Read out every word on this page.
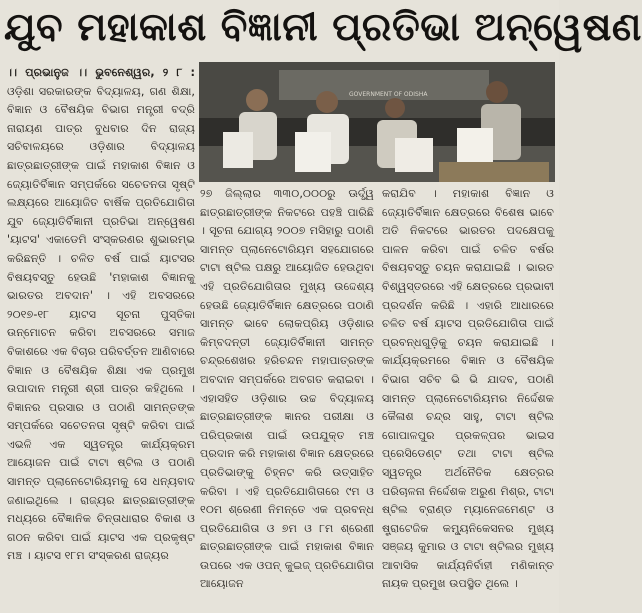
ଯୁବ ମହାକାଶ ବିଜ୍ଞାନୀ ପ୍ରତିଭା ଅନ୍ୱେଷଣ

।। ପ୍ରଭାନୁଜ ।। ଭୁବନେଶ୍ୱର, ୨ ୮ : ଓଡ଼ିଶା ସରକାରଙ୍କ ବିଦ୍ୟାଳୟ, ଗଣ ଶିକ୍ଷା, ବିଜ୍ଞାନ ଓ ବୈଷୟିକ ବିଭାଗ ମନ୍ତ୍ରୀ ବଦ୍ରି ନାରାୟଣ ପାତ୍ର ବୁଧବାର ଦିନ ରାଜ୍ୟ ସଚିବାଳୟରେ ଓଡ଼ିଶାର ବିଦ୍ୟାଳୟ ଛାତ୍ରଛାତ୍ରୀଙ୍କ ପାଇଁ ମହାକାଶ ବିଜ୍ଞାନ ଓ ଜ୍ୟୋତିର୍ବିଜ୍ଞାନ ସମ୍ପର୍କରେ ସଚେତନତା ସୃଷ୍ଟି ଲକ୍ଷ୍ୟରେ ଆୟୋଜିତ ବାର୍ଷିକ ପ୍ରତିଯୋଗିତା ଯୁବ ଜ୍ୟୋତିର୍ବିଜ୍ଞାନୀ ପ୍ରତିଭା ଅନ୍ୱେଷଣ 'ୟାଟସ' ଏକାଡେମି ସଂସ୍କରଣର ଶୁଭାରମ୍ଭ କରିଛନ୍ତି । ଚଳିତ ବର୍ଷ ପାଇଁ ୟାଟସର ବିଷୟବସ୍ତୁ ହେଉଛି 'ମହାକାଶ ବିଜ୍ଞାନକୁ ଭାରତର ଅବଦାନ' । ଏହି ଅବସରରେ ୨୦୧୭-୧୮ ୟାଟସ ସୂଚନା ପୁସ୍ତିକା ଉନ୍ମୋଚନ କରିବା ଅବସରରେ ସମାଜ ବିକାଶରେ ଏକ ବିଚାର ପରିବର୍ତ୍ତନ ଆଣିବାରେ ବିଜ୍ଞାନ ଓ ବୈଷୟିକ ଶିକ୍ଷା ଏକ ପ୍ରମୁଖ ଉପାଦାନ ମନ୍ତ୍ରୀ ଶ୍ରୀ ପାତ୍ର କହିଥିଲେ । ବିଜ୍ଞାନର ପ୍ରସାର ଓ ପଠାଣି ସାମନ୍ତଙ୍କ ସମ୍ପର୍କରେ ସଚେତନତା ସୃଷ୍ଟି କରିବା ପାଇଁ ଏଭଳି ଏକ ସ୍ୱତନ୍ତ୍ର କାର୍ଯ୍ୟକ୍ରମ ଆୟୋଜନ ପାଇଁ ଟାଟା ଷ୍ଟିଲ ଓ ପଠାଣି ସାମନ୍ତ ପ୍ଲାନେଟୋରିୟମକୁ ସେ ଧନ୍ୟବାଦ ଜଣାଇଥିଲେ । ରାଜ୍ୟର ଛାତ୍ରଛାତ୍ରୀଙ୍କ ମଧ୍ୟରେ ବୈଜ୍ଞାନିକ ଚିନ୍ତାଧାରାର ବିକାଶ ଓ ଗଠନ କରିବା ପାଇଁ ୟାଟସ ଏକ ପ୍ରକୃଷ୍ଟ ମଞ୍ଚ । ୟାଟସ ୧୮ମ ସଂସ୍କରଣ ରାଜ୍ୟର

GOVERNMENT OF ODISHA

୨୭ ଜିଲ୍ଲାର ୩୩୦,୦୦୦ରୁ ଊର୍ଦ୍ଧ୍ୱ ଛାତ୍ରଛାତ୍ରୀଙ୍କ ନିକଟରେ ପହଞ୍ଚି ପାରିଛି । ସୂଚନା ଯୋଗ୍ୟ ୨୦୦୭ ମସିହାରୁ ପଠାଣି ସାମନ୍ତ ପ୍ଲାନେଟୋରିୟମ ସହଯୋଗରେ ଟାଟା ଷ୍ଟିଲ ପକ୍ଷରୁ ଆୟୋଜିତ ହେଉଥିବା ଏହି ପ୍ରତିଯୋଗିତାର ମୁଖ୍ୟ ଉଦ୍ଦେଶ୍ୟ ହେଉଛି ଜ୍ୟୋତିର୍ବିଜ୍ଞାନ କ୍ଷେତ୍ରରେ ପଠାଣି ସାମନ୍ତ ଭାବେ ଲୋକପ୍ରିୟ ଓଡ଼ିଶାର କିମ୍ବଦନ୍ତୀ ଜ୍ୟୋତିର୍ବିଜ୍ଞାନୀ ସାମନ୍ତ ଚନ୍ଦ୍ରଶେଖର ହରିଚନ୍ଦନ ମହାପାତ୍ରଙ୍କ ଅବଦାନ ସମ୍ପର୍କରେ ଅବଗତ କରାଇବା । ଏହାସହିତ ଓଡ଼ିଶାର ଉଚ୍ଚ ବିଦ୍ୟାଳୟ ଛାତ୍ରଛାତ୍ରୀଙ୍କ ଜ୍ଞାନର ପରୀକ୍ଷା ଓ ପରିପ୍ରକାଶ ପାଇଁ ଉପଯୁକ୍ତ ମଞ୍ଚ ପ୍ରଦାନ କରି ମହାକାଶ ବିଜ୍ଞାନ କ୍ଷେତ୍ରରେ ପ୍ରତିଭାଙ୍କୁ ଚିହ୍ନଟ କରି ଉତ୍ସାହିତ କରିବା । ଏହି ପ୍ରତିଯୋଗିତାରେ ୯ମ ଓ ୧୦ମ ଶ୍ରେଣୀ ନିମନ୍ତେ ଏକ ପ୍ରବନ୍ଧ ପ୍ରତିଯୋଗିତା ଓ ୭ମ ଓ ୮ମ ଶ୍ରେଣୀ ଛାତ୍ରଛାତ୍ରୀଙ୍କ ପାଇଁ ମହାକାଶ ବିଜ୍ଞାନ ଉପରେ ଏକ ଓପନ୍ କୁଇଜ୍ ପ୍ରତିଯୋଗିତା ଆୟୋଜନ

କରାଯିବ । ମହାକାଶ ବିଜ୍ଞାନ ଓ ଜ୍ୟୋତିର୍ବିଜ୍ଞାନ କ୍ଷେତ୍ରରେ ବିଶେଷ ଭାବେ ଅତି ନିକଟରେ ଭାରତର ପଦକ୍ଷେପକୁ ପାଳନ କରିବା ପାଇଁ ଚଳିତ ବର୍ଷର ବିଷୟବସ୍ତୁ ଚୟନ କରାଯାଇଛି । ଭାରତ ବିଶ୍ୱସ୍ତରରେ ଏହି କ୍ଷେତ୍ରରେ ପ୍ରଭାବୀ ପ୍ରଦର୍ଶନ କରିଛି । ଏହାରି ଆଧାରରେ ଚଳିତ ବର୍ଷ ୟାଟସ ପ୍ରତିଯୋଗିତା ପାଇଁ ପ୍ରବନ୍ଧଗୁଡ଼ିକୁ ଚୟନ କରାଯାଇଛି । କାର୍ଯ୍ୟକ୍ରମରେ ବିଜ୍ଞାନ ଓ ବୈଷୟିକ ବିଭାଗ ସଚିବ ଭି ଭି ଯାଦବ, ପଠାଣି ସାମନ୍ତ ପ୍ଲାନେଟୋରିୟମର ନିର୍ଦ୍ଦେଶକ କୈଳାଶ ଚନ୍ଦ୍ର ସାହୁ, ଟାଟା ଷ୍ଟିଲ ଗୋପାଳପୁର ପ୍ରକଳ୍ପର ଭାଇସ ପ୍ରେସିଡେଣ୍ଟ ତଥା ଟାଟା ଷ୍ଟିଲ ସ୍ୱତନ୍ତ୍ର ଅର୍ଥନୈତିକ କ୍ଷେତ୍ରର ପରିଚାଳନା ନିର୍ଦ୍ଦେଶକ ଅରୁଣ ମିଶ୍ର, ଟାଟା ଷ୍ଟିଲ ବ୍ରାଣ୍ଡ ମ୍ୟାନେଜମେଣ୍ଟ ଓ ଷ୍ଟ୍ରାଟେଜିକ କମ୍ୟୁନିକେସନର ମୁଖ୍ୟ ସଞ୍ଜୟ କୁମାର ଓ ଟାଟା ଷ୍ଟିଲର ମୁଖ୍ୟ ଆବାସିକ କାର୍ଯ୍ୟନିର୍ବାହୀ ମଣିକାନ୍ତ ନାୟକ ପ୍ରମୁଖ ଉପସ୍ଥିତ ଥିଲେ ।
